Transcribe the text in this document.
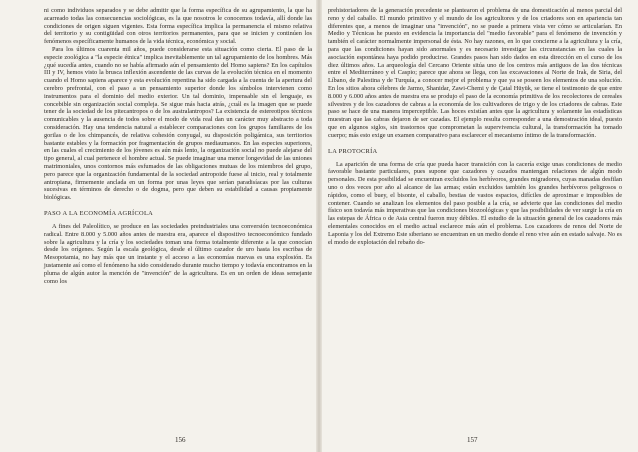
ni como individuos separados y se debe admitir que la forma específica de su agrupamiento, la que ha acarreado todas las consecuencias sociológicas, es la que nosotros le conocemos todavía, allí donde las condiciones de origen siguen vigentes. Esta forma específica implica la permanencia el mismo relativa del territorio y su contigüidad con otros territorios permanentes, para que se inicien y continúen los fenómenos específicamente humanos de la vida técnica, económica y social.

Para los últimos cuarenta mil años, puede considerarse esta situación como cierta. El paso de la especie zoológica a "la especie étnica" implica inevitablemente un tal agrupamiento de los hombres. Más ¿qué sucedía antes, cuando no se había afirmado aún el pensamiento del Homo sapiens? En los capítulos III y IV, hemos visto la brusca inflexión ascendente de las curvas de la evolución técnica en el momento cuando el Homo sapiens aparece y esta evolución repentina ha sido cargada a la cuenta de la apertura del cerebro prefrontal, con el paso a un pensamiento superior donde los símbolos intervienen como instrumentos para el dominio del medio exterior. Un tal dominio, impensable sin el lenguaje, es concebible sin organización social compleja. Se sigue más hacia atrás, ¿cuál es la imagen que se puede tener de la sociedad de los pitecantropos o de los australantropos? La existencia de estereotipos técnicos comunicables y la ausencia de todos sobre el modo de vida real dan un carácter muy abstracto a toda consideración. Hay una tendencia natural a establecer comparaciones con los grupos familiares de los gorilas o de los chimpancés, de relativa cohesión conyugal, su disposición poligámica, sus territorios bastante estables y la formación por fragmentación de grupos mediaumanos. En las especies superiores, en las cuales el crecimiento de los jóvenes es aún más lento, la organización social no puede alejarse del tipo general, al cual pertenece el hombre actual. Se puede imaginar una menor longevidad de las uniones matrimoniales, unos contornos más esfumados de las obligaciones mutuas de los miembros del grupo, pero parece que la organización fundamental de la sociedad antropoide fuese al inicio, real y totalmente antropiana, firmemente anclada en un forma por unas leyes que serían paradisíacas por las culturas sucesivas en términos de derecho o de dogma, pero que deben su estabilidad a causas propiamente biológicas.

PASO A LA ECONOMÍA AGRÍCOLA

A fines del Paleolítico, se produce en las sociedades preindustriales una conversión tecnoeconómica radical. Entre 8.000 y 5.000 años antes de nuestra era, aparece el dispositivo tecnoeconómico fundado sobre la agricultura y la cría y los sociedades toman una forma totalmente diferente a la que conocían desde los orígenes. Según la escala geológica, desde el último cazador de uro hasta los escribas de Mesopotamia, no hay más que un instante y el acceso a las economías nuevas es una explosión. Es justamente así como el fenómeno ha sido considerado durante mucho tiempo y todavía encontramos en la pluma de algún autor la mención de "invención" de la agricultura. Es en un orden de ideas semejante como los

156

prehistoriadores de la generación precedente se plantearon el problema de una domesticación al menos parcial del reno y del caballo. El mundo primitivo y el mundo de los agricultores y de los criadores son en apariencia tan diferentes que, a menos de imaginar una "invención", no se puede a primera vista ver cómo se articularían. En Medio y Técnicas he puesto en evidencia la importancia del "medio favorable" para el fenómeno de invención y también el carácter normalmente impersonal de ésta. No hay razones, en lo que concierne a la agricultura y la cría, para que las condiciones hayan sido anormales y es necesario investigar las circunstancias en las cuales la asociación espontánea haya podido producirse. Grandes pasos han sido dados en esta dirección en el curso de los diez últimos años. La arqueología del Cercano Oriente sitúa uno de los centros más antiguos de las dos técnicas entre el Mediterráneo y el Caspio; parece que ahora se llega, con las excavaciones al Norte de Irak, de Siria, del Líbano, de Palestina y de Turquía, a conocer mejor el problema y que ya se poseen los elementos de una solución. En los sitios ahora célebres de Jarmo, Shanidar, Zawi-Chemi y de Çatal Hüyük, se tiene el testimonio de que entre 8.000 y 6.000 años antes de nuestra era se produjo el paso de la economía primitiva de los recolectores de cereales silvestres y de los cazadores de cabras a la economía de los cultivadores de trigo y de los criadores de cabras. Este paso se hace de una manera imperceptible. Las hoces existían antes que la agricultura y solamente las estadísticas muestran que las cabras dejaron de ser cazadas. El ejemplo resulta corresponder a una demostración ideal, puesto que en algunos siglos, sin trastornos que comprometan la supervivencia cultural, la transformación ha tomado cuerpo; más esto exige un examen comparativo para esclarecer el mecanismo íntimo de la transformación.

LA PROTOCRÍA

La aparición de una forma de cría que pueda hacer transición con la cacería exige unas condiciones de medio favorable bastante particulares, pues supone que cazadores y cazados mantengan relaciones de algún modo personales. De esta posibilidad se encuentran excluidos los herbívoros, grandes migradores, cuyas manadas desfilan uno o dos veces por año al alcance de las armas; están excluidos también los grandes herbívoros peligrosos o rápidos, como el buey, el bisonte, el caballo, bestias de vastos espacios, difíciles de aproximar e imposibles de contener. Cuando se analizan los elementos del paso posible a la cría, se advierte que las condiciones del medio físico son todavía más imperativas que las condiciones biozoológicas y que las posibilidades de ver surgir la cría en las estepas de África o de Asia central fueron muy débiles. El estudio de la situación general de los cazadores más elementales conocidos en el medio actual esclarece más aún el problema. Los cazadores de renos del Norte de Laponia y los del Extremo Este siberiano se encuentran en un medio donde el reno vive aún en estado salvaje. No es el modo de explotación del rebaño do-

157
